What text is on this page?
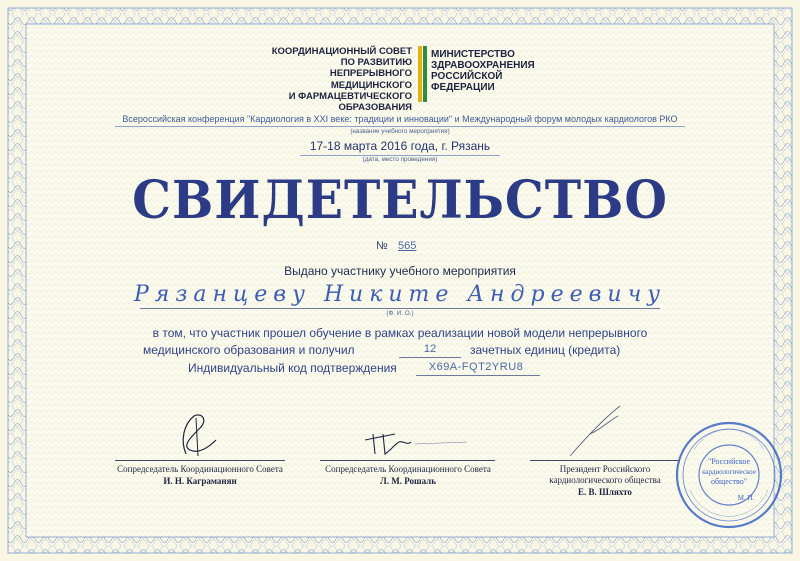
КООРДИНАЦИОННЫЙ СОВЕТ
ПО РАЗВИТИЮ НЕПРЕРЫВНОГО
МЕДИЦИНСКОГО
И ФАРМАЦЕВТИЧЕСКОГО
ОБРАЗОВАНИЯ
МИНИСТЕРСТВО
ЗДРАВООХРАНЕНИЯ
РОССИЙСКОЙ
ФЕДЕРАЦИИ
Всероссийская конференция "Кардиология в XXI веке: традиции и инновации" и Международный форум молодых кардиологов РКО
(название учебного мероприятия)
17-18 марта 2016 года, г. Рязань
(дата, место проведения)
СВИДЕТЕЛЬСТВО
№ 565
Выдано участнику учебного мероприятия
Рязанцеву Никите Андреевичу
(Ф. И. О.)
в том, что участник прошел обучение в рамках реализации новой модели непрерывного
медицинского образования и получил	12	зачетных единиц (кредита)
Индивидуальный код подтверждения	X69A-FQT2YRU8
Сопредседатель Координационного Совета
И. Н. Каграманян
Сопредседатель Координационного Совета
Л. М. Рошаль
Президент Российского
кардиологического общества
Е. В. Шляхто
"Российское
кардиологическое
общество"
М. П.
